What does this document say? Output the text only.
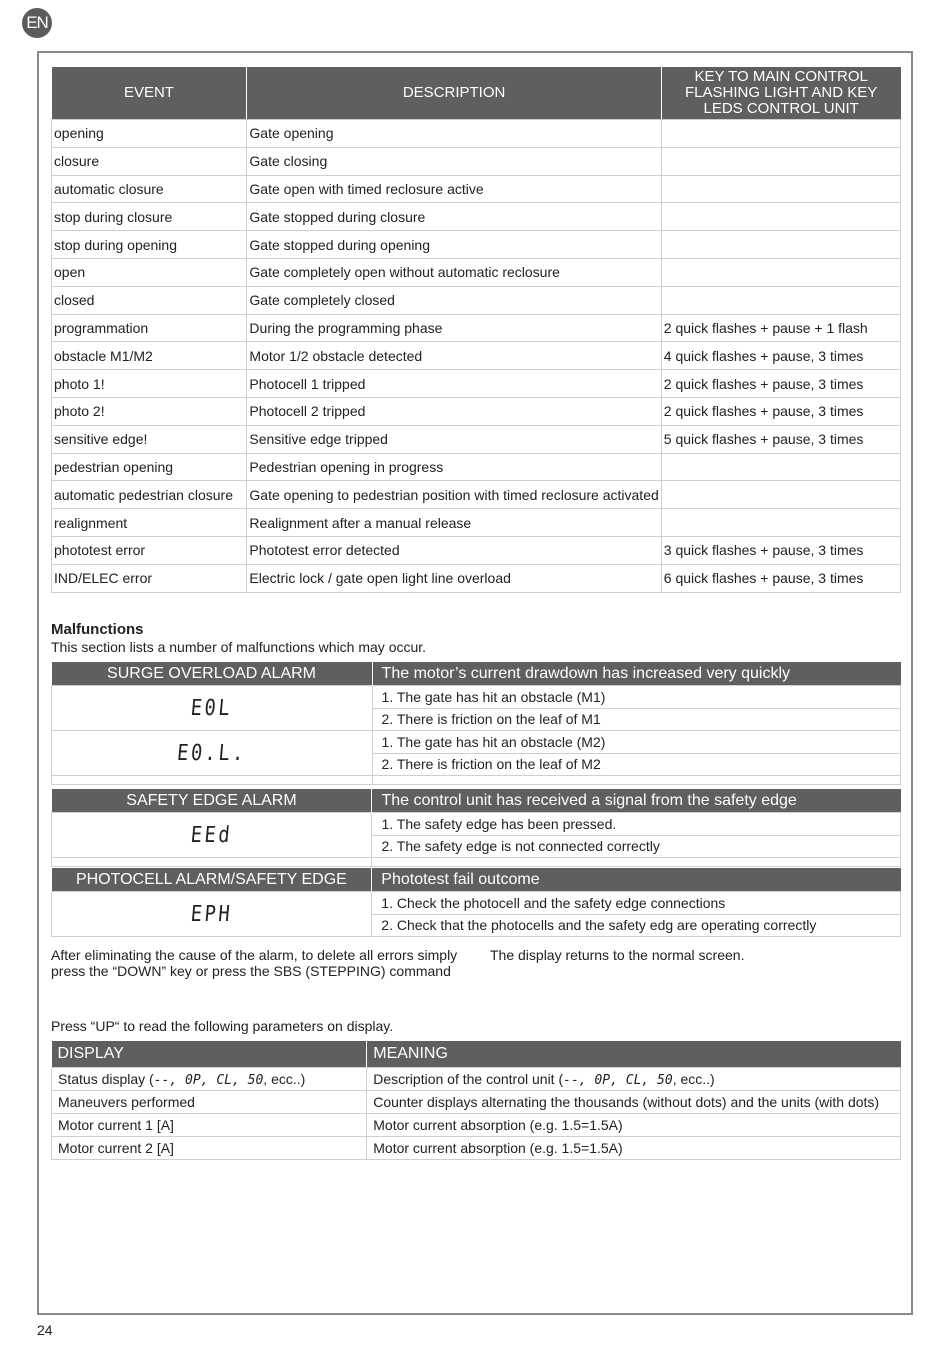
EN
EVENT	DESCRIPTION	KEY TO MAIN CONTROL FLASHING LIGHT AND KEY LEDS CONTROL UNIT
opening	Gate opening	
closure	Gate closing	
automatic closure	Gate open with timed reclosure active	
stop during closure	Gate stopped during closure	
stop during opening	Gate stopped during opening	
open	Gate completely open without automatic reclosure	
closed	Gate completely closed	
programmation	During the programming phase	2 quick flashes + pause + 1 flash
obstacle M1/M2	Motor 1/2 obstacle detected	4 quick flashes + pause, 3 times
photo 1!	Photocell 1 tripped	2 quick flashes + pause, 3 times
photo 2!	Photocell 2 tripped	2 quick flashes + pause, 3 times
sensitive edge!	Sensitive edge tripped	5 quick flashes + pause, 3 times
pedestrian opening	Pedestrian opening in progress	
automatic pedestrian closure	Gate opening to pedestrian position with timed reclosure activated	
realignment	Realignment after a manual release	
phototest error	Phototest error detected	3 quick flashes + pause, 3 times
IND/ELEC error	Electric lock / gate open light line overload	6 quick flashes + pause, 3 times
Malfunctions
This section lists a number of malfunctions which may occur.
SURGE OVERLOAD ALARM	The motor’s current drawdown has increased very quickly
E0L	1. The gate has hit an obstacle (M1)
	2. There is friction on the leaf of M1
E0.L.	1. The gate has hit an obstacle (M2)
	2. There is friction on the leaf of M2

SAFETY EDGE ALARM	The control unit has received a signal from the safety edge
EEd	1. The safety edge has been pressed.
	2. The safety edge is not connected correctly

PHOTOCELL ALARM/SAFETY EDGE	Phototest fail outcome
EPH	1. Check the photocell and the safety edge connections
	2. Check that the photocells and the safety edg are operating correctly
After eliminating the cause of the alarm, to delete all errors simply press the “DOWN” key or press the SBS (STEPPING) command
The display returns to the normal screen.
Press “UP“ to read the following parameters on display.
DISPLAY	MEANING
Status display (--, 0P, CL, 50, ecc..)	Description of the control unit (--, 0P, CL, 50, ecc..)
Maneuvers performed	Counter displays alternating the thousands (without dots) and the units (with dots)
Motor current 1 [A]	Motor current absorption (e.g. 1.5=1.5A)
Motor current 2 [A]	Motor current absorption (e.g. 1.5=1.5A)
24
